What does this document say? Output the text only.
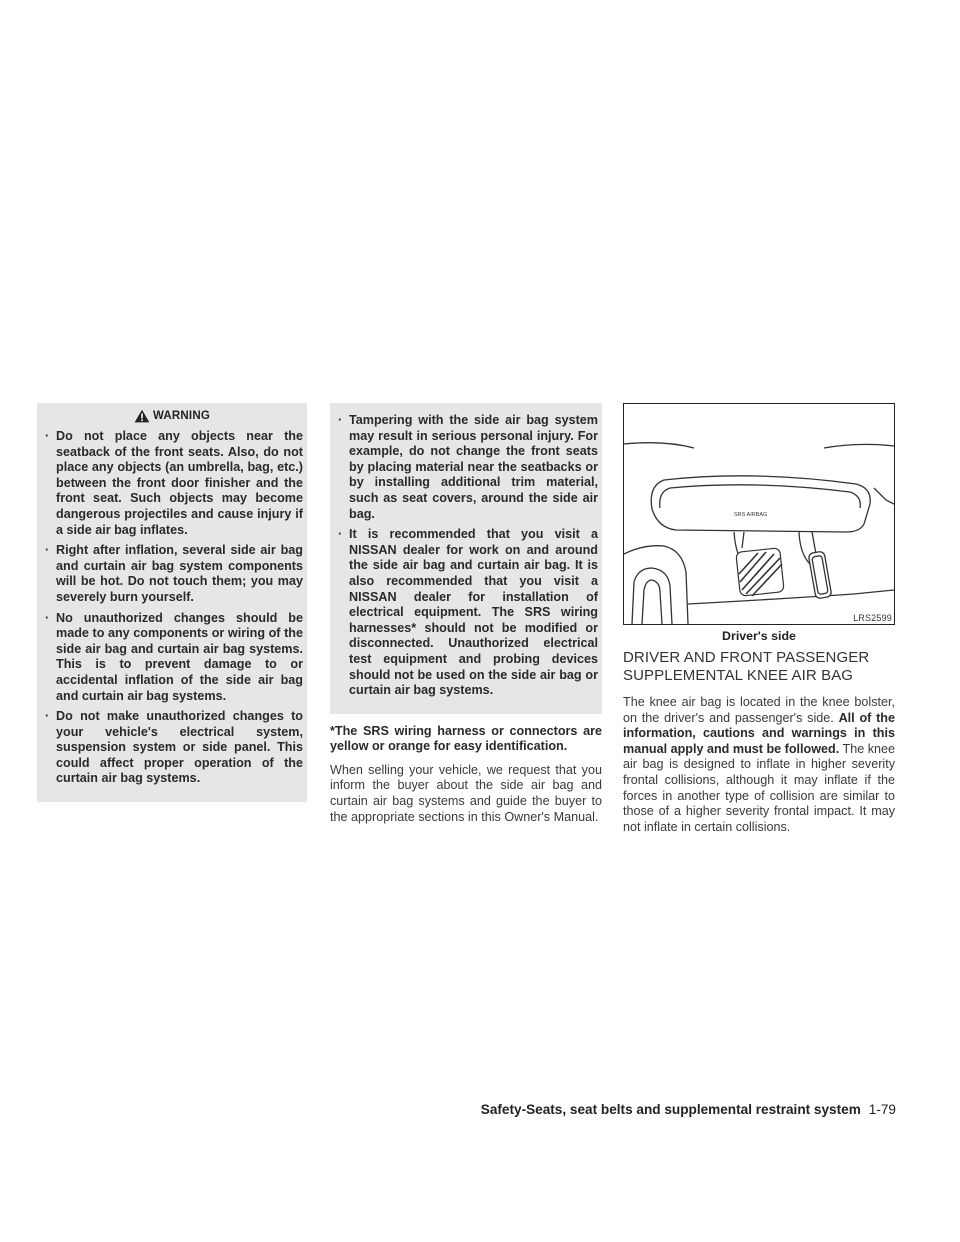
WARNING
· Do not place any objects near the seatback of the front seats. Also, do not place any objects (an umbrella, bag, etc.) between the front door finisher and the front seat. Such objects may become dangerous projectiles and cause injury if a side air bag inflates.
· Right after inflation, several side air bag and curtain air bag system components will be hot. Do not touch them; you may severely burn yourself.
· No unauthorized changes should be made to any components or wiring of the side air bag and curtain air bag systems. This is to prevent damage to or accidental inflation of the side air bag and curtain air bag systems.
· Do not make unauthorized changes to your vehicle's electrical system, suspension system or side panel. This could affect proper operation of the curtain air bag systems.
· Tampering with the side air bag system may result in serious personal injury. For example, do not change the front seats by placing material near the seatbacks or by installing additional trim material, such as seat covers, around the side air bag.
· It is recommended that you visit a NISSAN dealer for work on and around the side air bag and curtain air bag. It is also recommended that you visit a NISSAN dealer for installation of electrical equipment. The SRS wiring harnesses* should not be modified or disconnected. Unauthorized electrical test equipment and probing devices should not be used on the side air bag or curtain air bag systems.

*The SRS wiring harness or connectors are yellow or orange for easy identification.

When selling your vehicle, we request that you inform the buyer about the side air bag and curtain air bag systems and guide the buyer to the appropriate sections in this Owner's Manual.

SRS AIRBAG
LRS2599
Driver's side
DRIVER AND FRONT PASSENGER SUPPLEMENTAL KNEE AIR BAG

The knee air bag is located in the knee bolster, on the driver's and passenger's side. All of the information, cautions and warnings in this manual apply and must be followed. The knee air bag is designed to inflate in higher severity frontal collisions, although it may inflate if the forces in another type of collision are similar to those of a higher severity frontal impact. It may not inflate in certain collisions.

Safety-Seats, seat belts and supplemental restraint system 1-79
